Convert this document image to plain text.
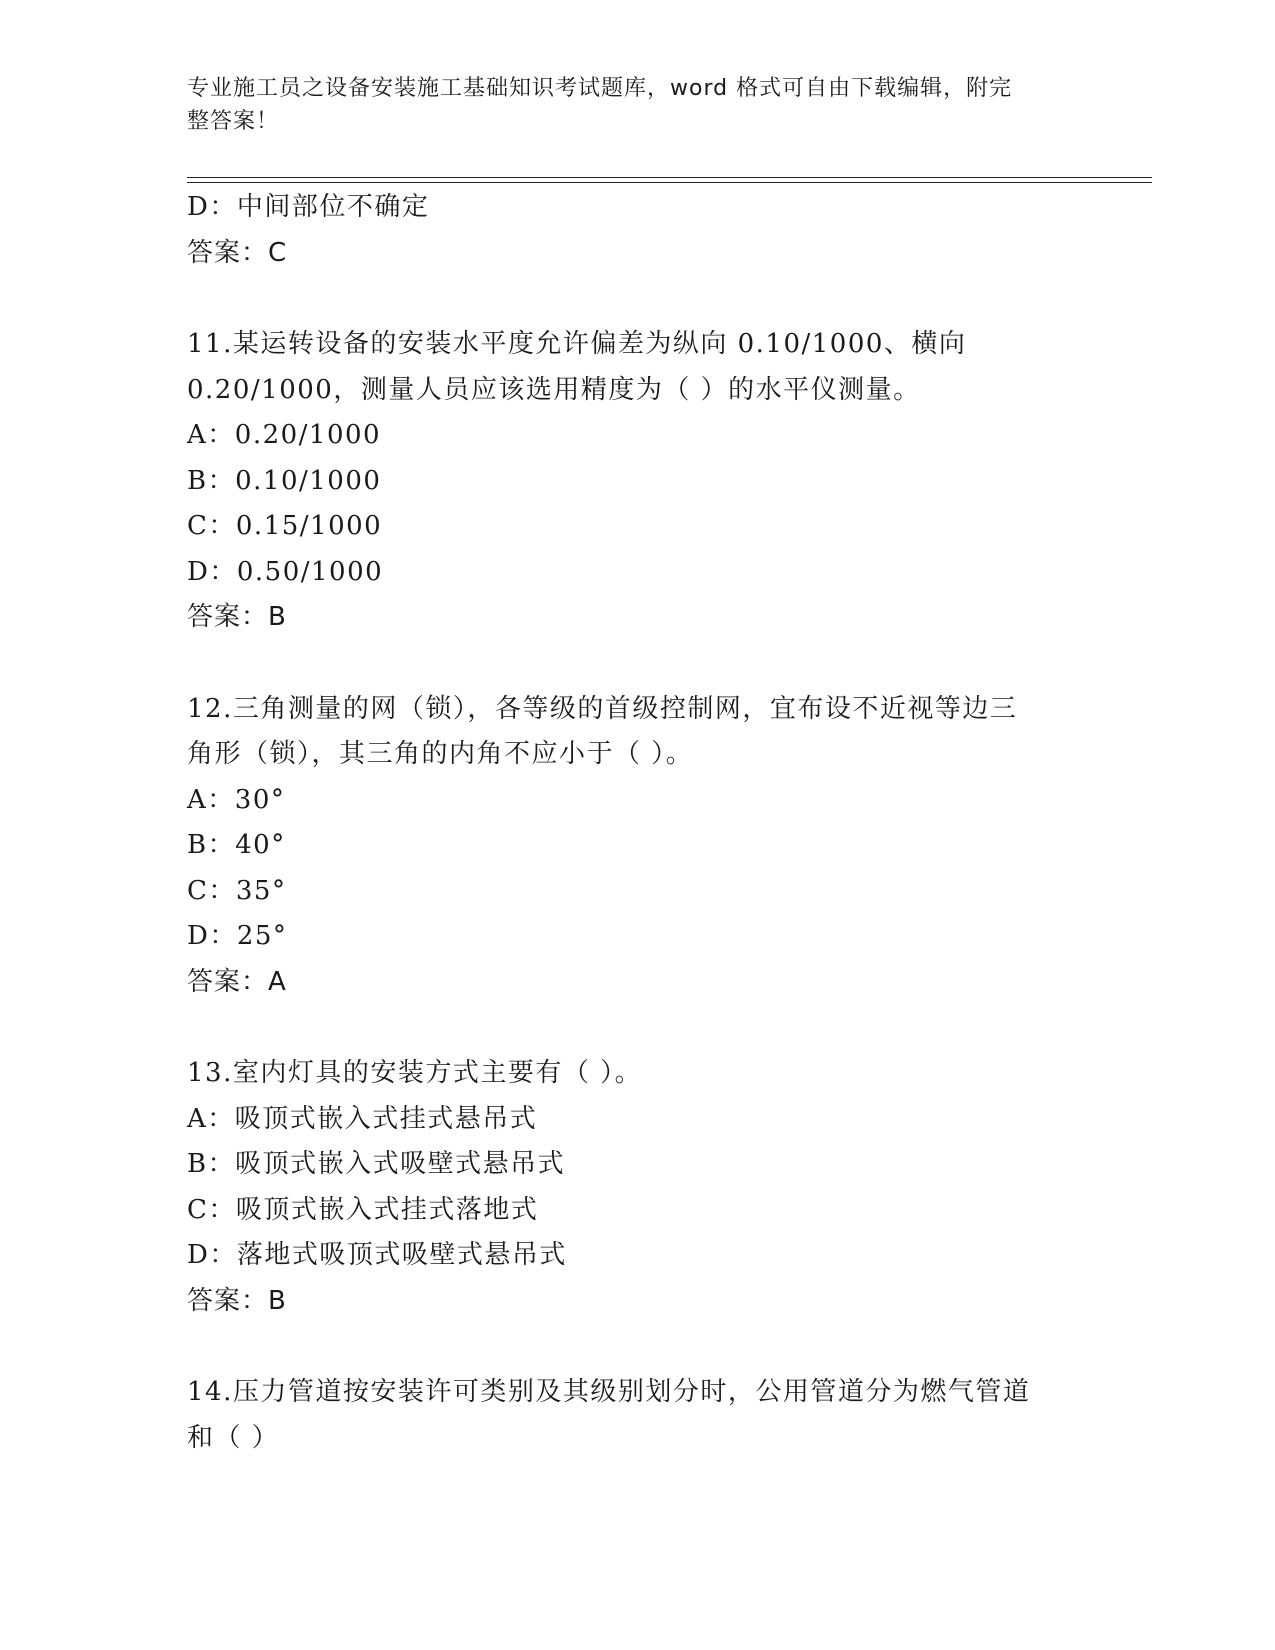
专业施工员之设备安装施工基础知识考试题库，word 格式可自由下载编辑，附完
整答案！
D：中间部位不确定
答案：C
11.某运转设备的安装水平度允许偏差为纵向 0.10/1000、横向
0.20/1000，测量人员应该选用精度为（ ）的水平仪测量。
A：0.20/1000
B：0.10/1000
C：0.15/1000
D：0.50/1000
答案：B
12.三角测量的网（锁），各等级的首级控制网，宜布设不近视等边三
角形（锁），其三角的内角不应小于（ ）。
A：30°
B：40°
C：35°
D：25°
答案：A
13.室内灯具的安装方式主要有（ ）。
A：吸顶式嵌入式挂式悬吊式
B：吸顶式嵌入式吸壁式悬吊式
C：吸顶式嵌入式挂式落地式
D：落地式吸顶式吸壁式悬吊式
答案：B
14.压力管道按安装许可类别及其级别划分时，公用管道分为燃气管道
和（ ）
